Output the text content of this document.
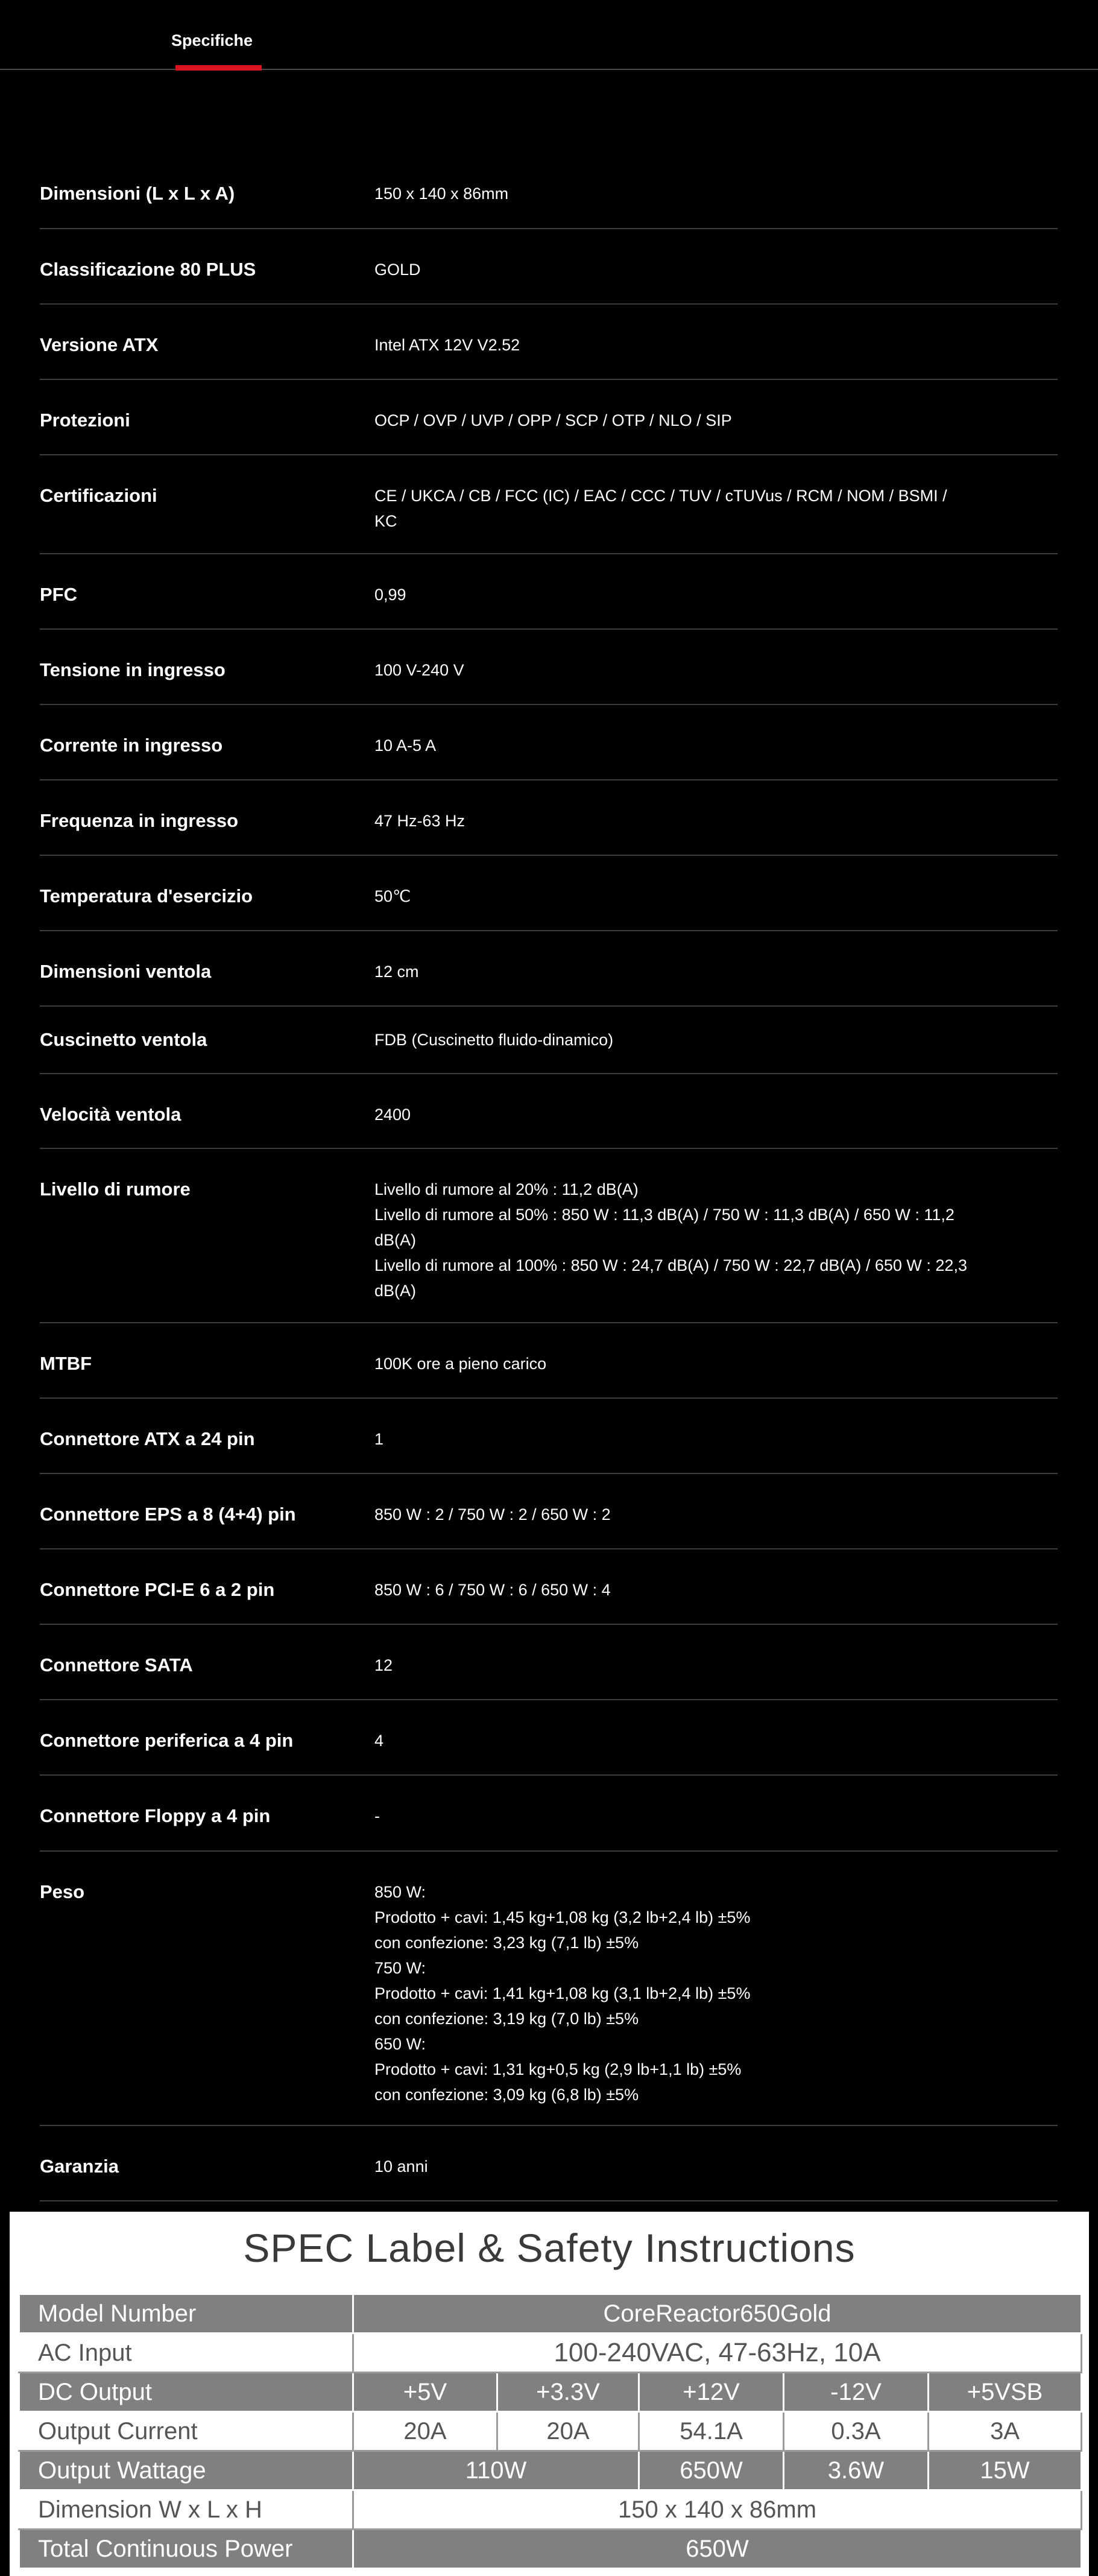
Specifiche
Dimensioni (L x L x A)	150 x 140 x 86mm
Classificazione 80 PLUS	GOLD
Versione ATX	Intel ATX 12V V2.52
Protezioni	OCP / OVP / UVP / OPP / SCP / OTP / NLO / SIP
Certificazioni	CE / UKCA / CB / FCC (IC) / EAC / CCC / TUV / cTUVus / RCM / NOM / BSMI /
KC
PFC	0,99
Tensione in ingresso	100 V-240 V
Corrente in ingresso	10 A-5 A
Frequenza in ingresso	47 Hz-63 Hz
Temperatura d'esercizio	50℃
Dimensioni ventola	12 cm
Cuscinetto ventola	FDB (Cuscinetto fluido-dinamico)
Velocità ventola	2400
Livello di rumore	Livello di rumore al 20% : 11,2 dB(A)
Livello di rumore al 50% : 850 W : 11,3 dB(A) / 750 W : 11,3 dB(A) / 650 W : 11,2
dB(A)
Livello di rumore al 100% : 850 W : 24,7 dB(A) / 750 W : 22,7 dB(A) / 650 W : 22,3
dB(A)
MTBF	100K ore a pieno carico
Connettore ATX a 24 pin	1
Connettore EPS a 8 (4+4) pin	850 W : 2 / 750 W : 2 / 650 W : 2
Connettore PCI-E 6 a 2 pin	850 W : 6 / 750 W : 6 / 650 W : 4
Connettore SATA	12
Connettore periferica a 4 pin	4
Connettore Floppy a 4 pin	-
Peso	850 W:
Prodotto + cavi: 1,45 kg+1,08 kg (3,2 lb+2,4 lb) ±5%
con confezione: 3,23 kg (7,1 lb) ±5%
750 W:
Prodotto + cavi: 1,41 kg+1,08 kg (3,1 lb+2,4 lb) ±5%
con confezione: 3,19 kg (7,0 lb) ±5%
650 W:
Prodotto + cavi: 1,31 kg+0,5 kg (2,9 lb+1,1 lb) ±5%
con confezione: 3,09 kg (6,8 lb) ±5%
Garanzia	10 anni
SPEC Label & Safety Instructions
Model Number	CoreReactor650Gold				
AC Input	100-240VAC, 47-63Hz, 10A				
DC Output	+5V	+3.3V	+12V	-12V	+5VSB
Output Current	20A	20A	54.1A	0.3A	3A
Output Wattage	110W		650W	3.6W	15W
Dimension W x L x H	150 x 140 x 86mm				
Total Continuous Power	650W				
